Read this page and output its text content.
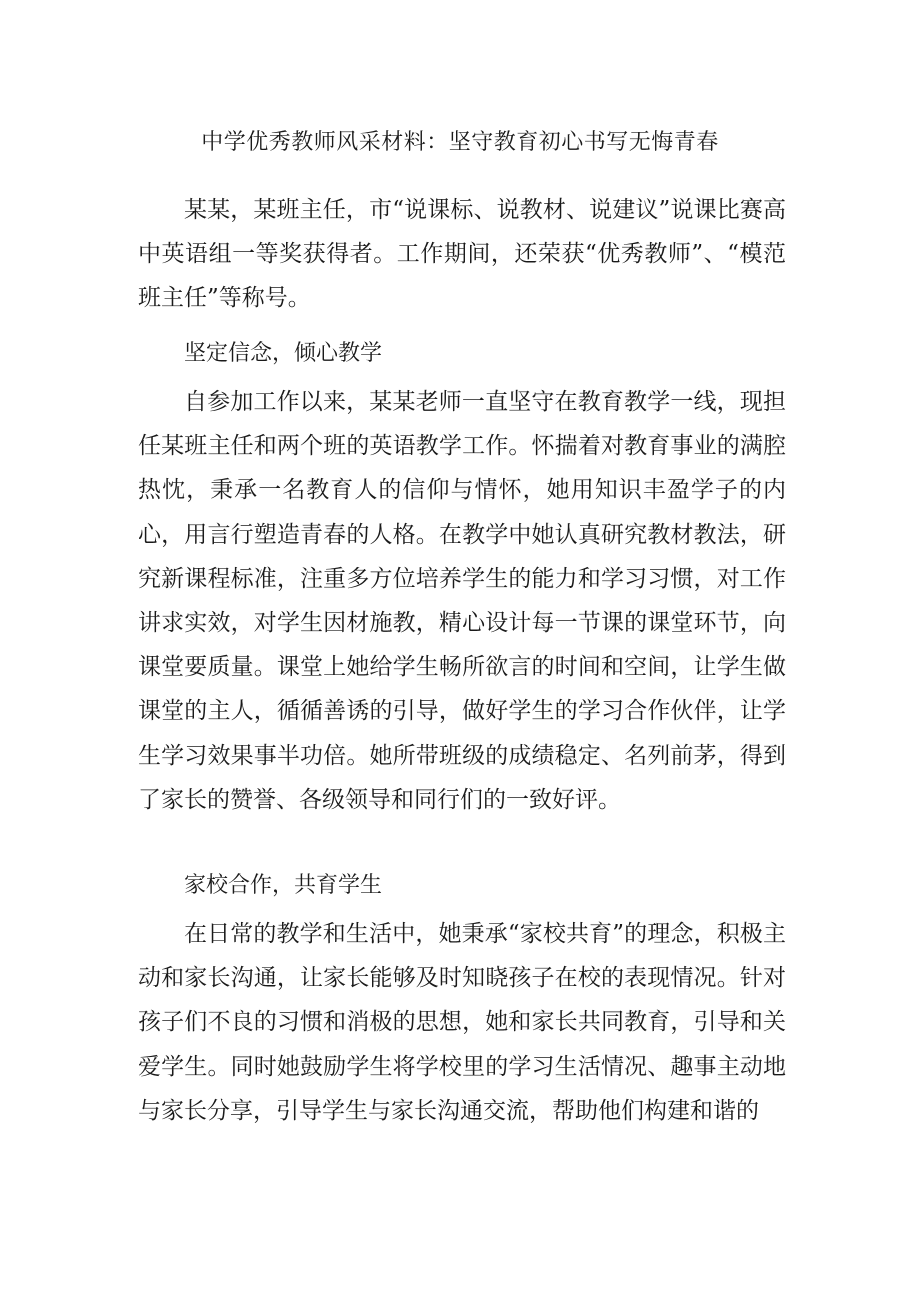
中学优秀教师风采材料：坚守教育初心书写无悔青春

某某，某班主任，市“说课标、说教材、说建议”说课比赛高中英语组一等奖获得者。工作期间，还荣获“优秀教师”、“模范班主任”等称号。

坚定信念，倾心教学

自参加工作以来，某某老师一直坚守在教育教学一线，现担任某班主任和两个班的英语教学工作。怀揣着对教育事业的满腔热忱，秉承一名教育人的信仰与情怀，她用知识丰盈学子的内心，用言行塑造青春的人格。在教学中她认真研究教材教法，研究新课程标准，注重多方位培养学生的能力和学习习惯，对工作讲求实效，对学生因材施教，精心设计每一节课的课堂环节，向课堂要质量。课堂上她给学生畅所欲言的时间和空间，让学生做课堂的主人，循循善诱的引导，做好学生的学习合作伙伴，让学生学习效果事半功倍。她所带班级的成绩稳定、名列前茅，得到了家长的赞誉、各级领导和同行们的一致好评。

家校合作，共育学生

在日常的教学和生活中，她秉承“家校共育”的理念，积极主动和家长沟通，让家长能够及时知晓孩子在校的表现情况。针对孩子们不良的习惯和消极的思想，她和家长共同教育，引导和关爱学生。同时她鼓励学生将学校里的学习生活情况、趣事主动地与家长分享，引导学生与家长沟通交流，帮助他们构建和谐的
